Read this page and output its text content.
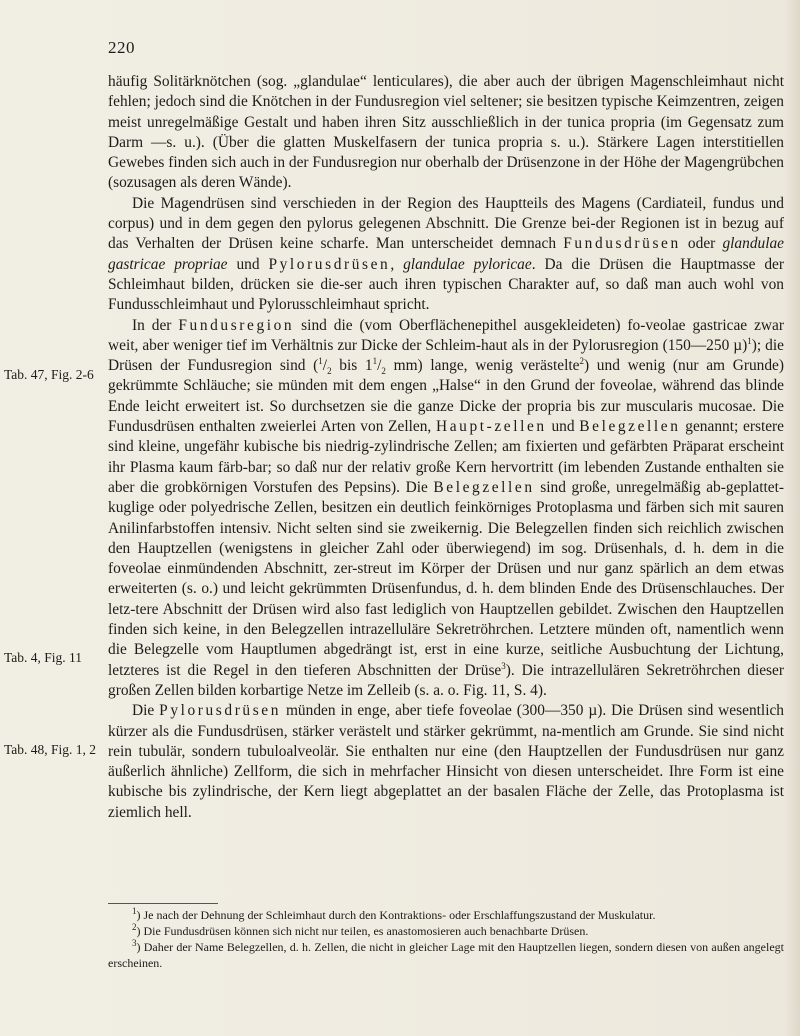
220
Tab. 47, Fig. 2-6
Tab. 4, Fig. 11
Tab. 48, Fig. 1, 2

häufig Solitärknötchen (sog. „glandulae“ lenticulares), die aber auch der übrigen Magenschleimhaut nicht fehlen; jedoch sind die Knötchen in der Fundusregion viel seltener; sie besitzen typische Keimzentren, zeigen meist unregelmäßige Gestalt und haben ihren Sitz ausschließlich in der tunica propria (im Gegensatz zum Darm —s. u.). (Über die glatten Muskelfasern der tunica propria s. u.). Stärkere Lagen interstitiellen Gewebes finden sich auch in der Fundusregion nur oberhalb der Drüsenzone in der Höhe der Magengrübchen (sozusagen als deren Wände).

Die Magendrüsen sind verschieden in der Region des Hauptteils des Magens (Cardiateil, fundus und corpus) und in dem gegen den pylorus gelegenen Abschnitt. Die Grenze bei-der Regionen ist in bezug auf das Verhalten der Drüsen keine scharfe. Man unterscheidet demnach Fundusdrüsen oder glandulae gastricae propriae und Pylorusdrüsen, glandulae pyloricae. Da die Drüsen die Hauptmasse der Schleimhaut bilden, drücken sie die-ser auch ihren typischen Charakter auf, so daß man auch wohl von Fundusschleimhaut und Pylorusschleimhaut spricht.

In der Fundusregion sind die (vom Oberflächenepithel ausgekleideten) fo-veolae gastricae zwar weit, aber weniger tief im Verhältnis zur Dicke der Schleim-haut als in der Pylorusregion (150—250 µ)$^1$); die Drüsen der Fundusregion sind ($^1/_2$ bis $1^1/_2$ mm) lange, wenig verästelte$^2$) und wenig (nur am Grunde) gekrümmte Schläuche; sie münden mit dem engen „Halse“ in den Grund der foveolae, während das blinde Ende leicht erweitert ist. So durchsetzen sie die ganze Dicke der propria bis zur muscularis mucosae. Die Fundusdrüsen enthalten zweierlei Arten von Zellen, Haupt-zellen und Belegzellen genannt; erstere sind kleine, ungefähr kubische bis niedrig-zylindrische Zellen; am fixierten und gefärbten Präparat erscheint ihr Plasma kaum färb-bar; so daß nur der relativ große Kern hervortritt (im lebenden Zustande enthalten sie aber die grobkörnigen Vorstufen des Pepsins). Die Belegzellen sind große, unregelmäßig ab-geplattet-kuglige oder polyedrische Zellen, besitzen ein deutlich feinkörniges Protoplasma und färben sich mit sauren Anilinfarbstoffen intensiv. Nicht selten sind sie zweikernig. Die Belegzellen finden sich reichlich zwischen den Hauptzellen (wenigstens in gleicher Zahl oder überwiegend) im sog. Drüsenhals, d. h. dem in die foveolae einmündenden Abschnitt, zer-streut im Körper der Drüsen und nur ganz spärlich an dem etwas erweiterten (s. o.) und leicht gekrümmten Drüsenfundus, d. h. dem blinden Ende des Drüsenschlauches. Der letz-tere Abschnitt der Drüsen wird also fast lediglich von Hauptzellen gebildet. Zwischen den Hauptzellen finden sich keine, in den Belegzellen intrazelluläre Sekretröhrchen. Letztere münden oft, namentlich wenn die Belegzelle vom Hauptlumen abgedrängt ist, erst in eine kurze, seitliche Ausbuchtung der Lichtung, letzteres ist die Regel in den tieferen Abschnitten der Drüse$^3$). Die intrazellulären Sekretröhrchen dieser großen Zellen bilden korbartige Netze im Zelleib (s. a. o. Fig. 11, S. 4).

Die Pylorusdrüsen münden in enge, aber tiefe foveolae (300—350 µ). Die Drüsen sind wesentlich kürzer als die Fundusdrüsen, stärker verästelt und stärker gekrümmt, na-mentlich am Grunde. Sie sind nicht rein tubulär, sondern tubuloalveolär. Sie enthalten nur eine (den Hauptzellen der Fundusdrüsen nur ganz äußerlich ähnliche) Zellform, die sich in mehrfacher Hinsicht von diesen unterscheidet. Ihre Form ist eine kubische bis zylindrische, der Kern liegt abgeplattet an der basalen Fläche der Zelle, das Protoplasma ist ziemlich hell.

$^1$) Je nach der Dehnung der Schleimhaut durch den Kontraktions- oder Erschlaffungszustand der Muskulatur.

$^2$) Die Fundusdrüsen können sich nicht nur teilen, es anastomosieren auch benachbarte Drüsen.

$^3$) Daher der Name Belegzellen, d. h. Zellen, die nicht in gleicher Lage mit den Hauptzellen liegen, sondern diesen von außen angelegt erscheinen.
